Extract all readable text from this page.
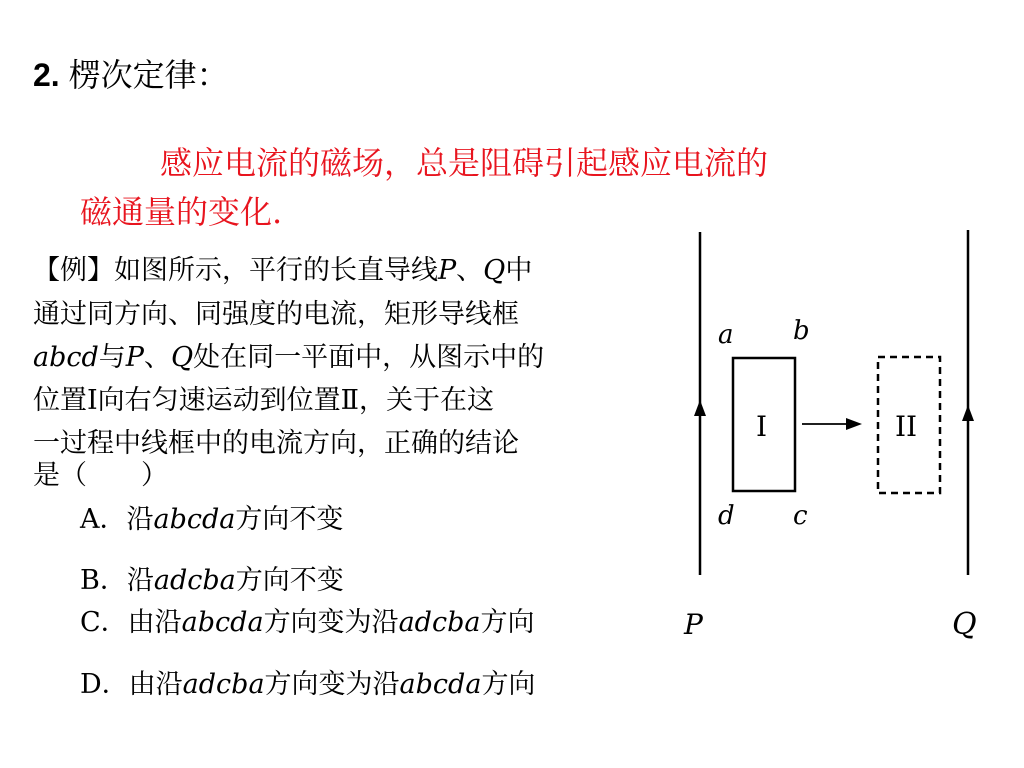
2. 楞次定律：
感应电流的磁场，总是阻碍引起感应电流的
磁通量的变化.
【例】如图所示，平行的长直导线P、Q中
通过同方向、同强度的电流，矩形导线框
abcd与P、Q处在同一平面中，从图示中的
位置I向右匀速运动到位置Ⅱ，关于在这
一过程中线框中的电流方向，正确的结论
是（　　）
A．沿abcda方向不变
B．沿adcba方向不变
C．由沿abcda方向变为沿adcba方向
D．由沿adcba方向变为沿abcda方向
a b
d c
I	II
P	Q
